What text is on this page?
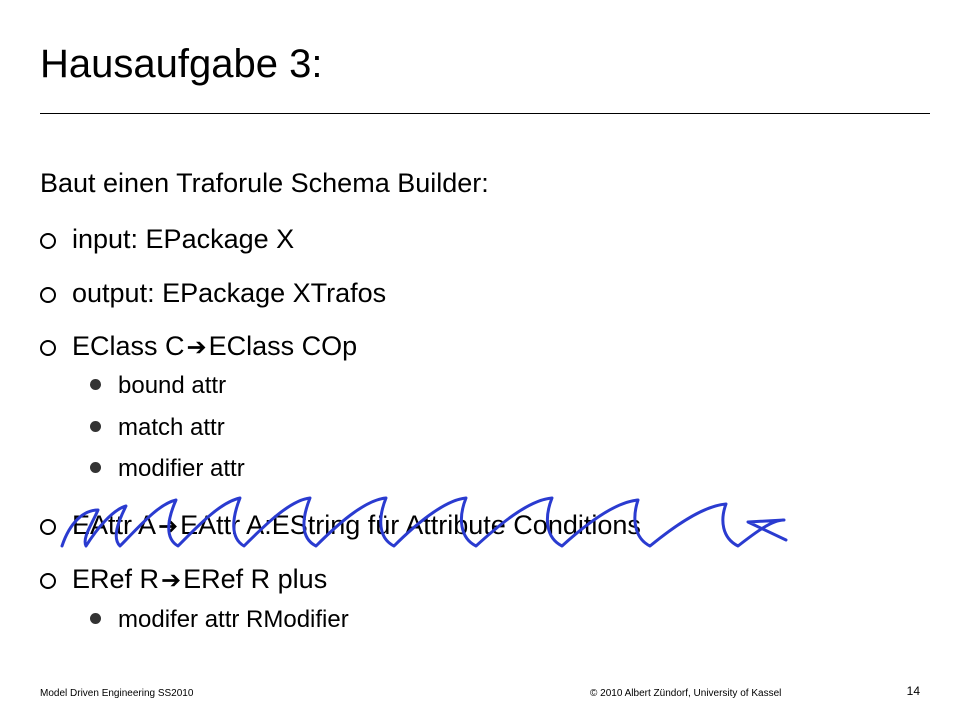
Hausaufgabe 3:
Baut einen Traforule Schema Builder:
input: EPackage X
output: EPackage XTrafos
EClass C➔EClass COp
bound attr
match attr
modifier attr
EAttr A➔EAttr A:EString für Attribute Conditions
ERef R➔ERef R plus
modifer attr RModifier
Model Driven Engineering SS2010	© 2010 Albert Zündorf, University of Kassel	14
